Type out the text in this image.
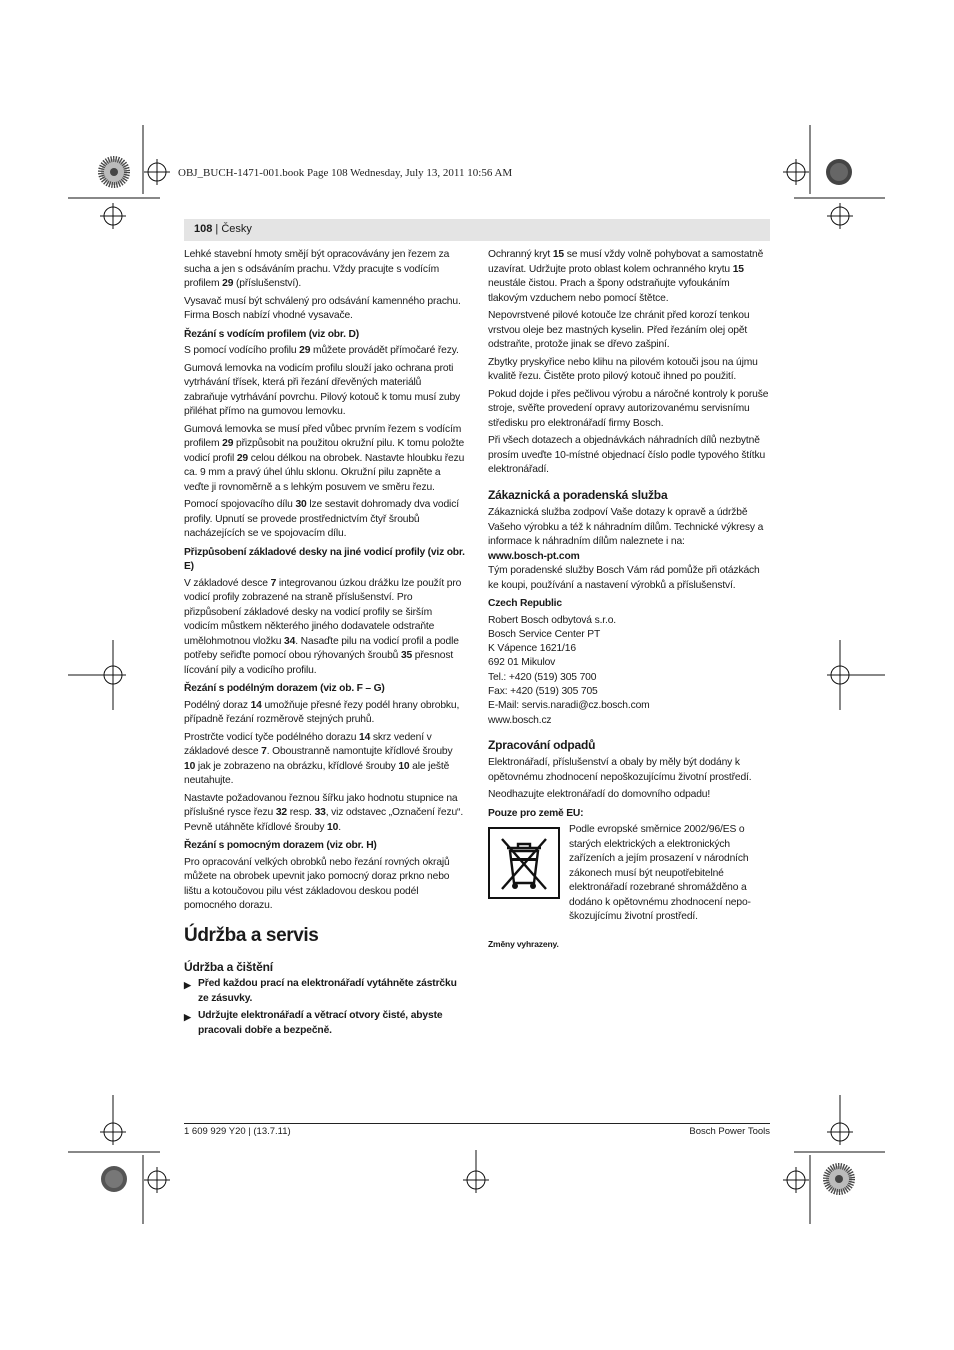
OBJ_BUCH-1471-001.book Page 108 Wednesday, July 13, 2011 10:56 AM
108 | Česky

Lehké stavební hmoty smějí být opracovávány jen řezem za sucha a jen s odsáváním prachu. Vždy pracujte s vodícím profilem 29 (příslušenství).

Vysavač musí být schválený pro odsávání kamenného prachu. Firma Bosch nabízí vhodné vysavače.

Řezání s vodícím profilem (viz obr. D)

S pomocí vodícího profilu 29 můžete provádět přímočaré řezy.

Gumová lemovka na vodicím profilu slouží jako ochrana proti vytrhávání třísek, která při řezání dřevěných materiálů zabraňuje vytrhávání povrchu. Pilový kotouč k tomu musí zuby přiléhat přímo na gumovou lemovku.

Gumová lemovka se musí před vůbec prvním řezem s vodícím profilem 29 přizpůsobit na použitou okružní pilu. K tomu položte vodicí profil 29 celou délkou na obrobek. Nastavte hloubku řezu ca. 9 mm a pravý úhel úhlu sklonu. Okružní pilu zapněte a veďte ji rovnoměrně a s lehkým posuvem ve směru řezu.

Pomocí spojovacího dílu 30 lze sestavit dohromady dva vodicí profily. Upnutí se provede prostřednictvím čtyř šroubů nacházejících se ve spojovacím dílu.

Přizpůsobení základové desky na jiné vodicí profily (viz obr. E)

V základové desce 7 integrovanou úzkou drážku lze použít pro vodicí profily zobrazené na straně příslušenství. Pro přizpůsobení základové desky na vodicí profily se širším vodicím můstkem některého jiného dodavatele odstraňte umělohmotnou vložku 34. Nasaďte pilu na vodicí profil a podle potřeby seřiďte pomocí obou rýhovaných šroubů 35 přesnost lícování pily a vodicího profilu.

Řezání s podélným dorazem (viz ob. F – G)

Podélný doraz 14 umožňuje přesné řezy podél hrany obrobku, případně řezání rozměrově stejných pruhů.

Prostrčte vodicí tyče podélného dorazu 14 skrz vedení v základové desce 7. Oboustranně namontujte křídlové šrouby 10 jak je zobrazeno na obrázku, křídlové šrouby 10 ale ještě neutahujte.

Nastavte požadovanou řeznou šířku jako hodnotu stupnice na příslušné rysce řezu 32 resp. 33, viz odstavec „Označení řezu“. Pevně utáhněte křídlové šrouby 10.

Řezání s pomocným dorazem (viz obr. H)

Pro opracování velkých obrobků nebo řezání rovných okrajů můžete na obrobek upevnit jako pomocný doraz prkno nebo lištu a kotoučovou pilu vést základovou deskou podél pomocného dorazu.

Údržba a servis
Údržba a čištění
▶ Před každou prací na elektronářadí vytáhněte zástrčku ze zásuvky.
▶ Udržujte elektronářadí a větrací otvory čisté, abyste pracovali dobře a bezpečně.

Ochranný kryt 15 se musí vždy volně pohybovat a samostatně uzavírat. Udržujte proto oblast kolem ochranného krytu 15 neustále čistou. Prach a špony odstraňujte vyfoukáním tlakovým vzduchem nebo pomocí štětce.

Nepovrstvené pilové kotouče lze chránit před korozí tenkou vrstvou oleje bez mastných kyselin. Před řezáním olej opět odstraňte, protože jinak se dřevo zašpiní.

Zbytky pryskyřice nebo klihu na pilovém kotouči jsou na újmu kvalitě řezu. Čistěte proto pilový kotouč ihned po použití.

Pokud dojde i přes pečlivou výrobu a náročné kontroly k poruše stroje, svěřte provedení opravy autorizovanému servisnímu středisku pro elektronářadí firmy Bosch.

Při všech dotazech a objednávkách náhradních dílů nezbytně prosím uveďte 10-místné objednací číslo podle typového štítku elektronářadí.

Zákaznická a poradenská služba

Zákaznická služba zodpoví Vaše dotazy k opravě a údržbě Vašeho výrobku a též k náhradním dílům. Technické výkresy a informace k náhradním dílům naleznete i na:

www.bosch-pt.com

Tým poradenské služby Bosch Vám rád pomůže při otázkách ke koupi, používání a nastavení výrobků a příslušenství.

Czech Republic
Robert Bosch odbytová s.r.o.
Bosch Service Center PT
K Vápence 1621/16
692 01 Mikulov
Tel.: +420 (519) 305 700
Fax: +420 (519) 305 705
E-Mail: servis.naradi@cz.bosch.com
www.bosch.cz
Zpracování odpadů

Elektronářadí, příslušenství a obaly by měly být dodány k opětovnému zhodnocení nepoškozujícímu životní prostředí.

Neodhazujte elektronářadí do domovního odpadu!

Pouze pro země EU:

Podle evropské směrnice 2002/96/ES o starých elektrických a elektronických zařízeních a jejím prosazení v národních zákonech musí být neupotřebitelné elektronářadí rozebrané shromážděno a dodáno k opětovnému zhodnocení nepo-škozujícímu životní prostředí.

Změny vyhrazeny.
1 609 929 Y20 | (13.7.11)	Bosch Power Tools
